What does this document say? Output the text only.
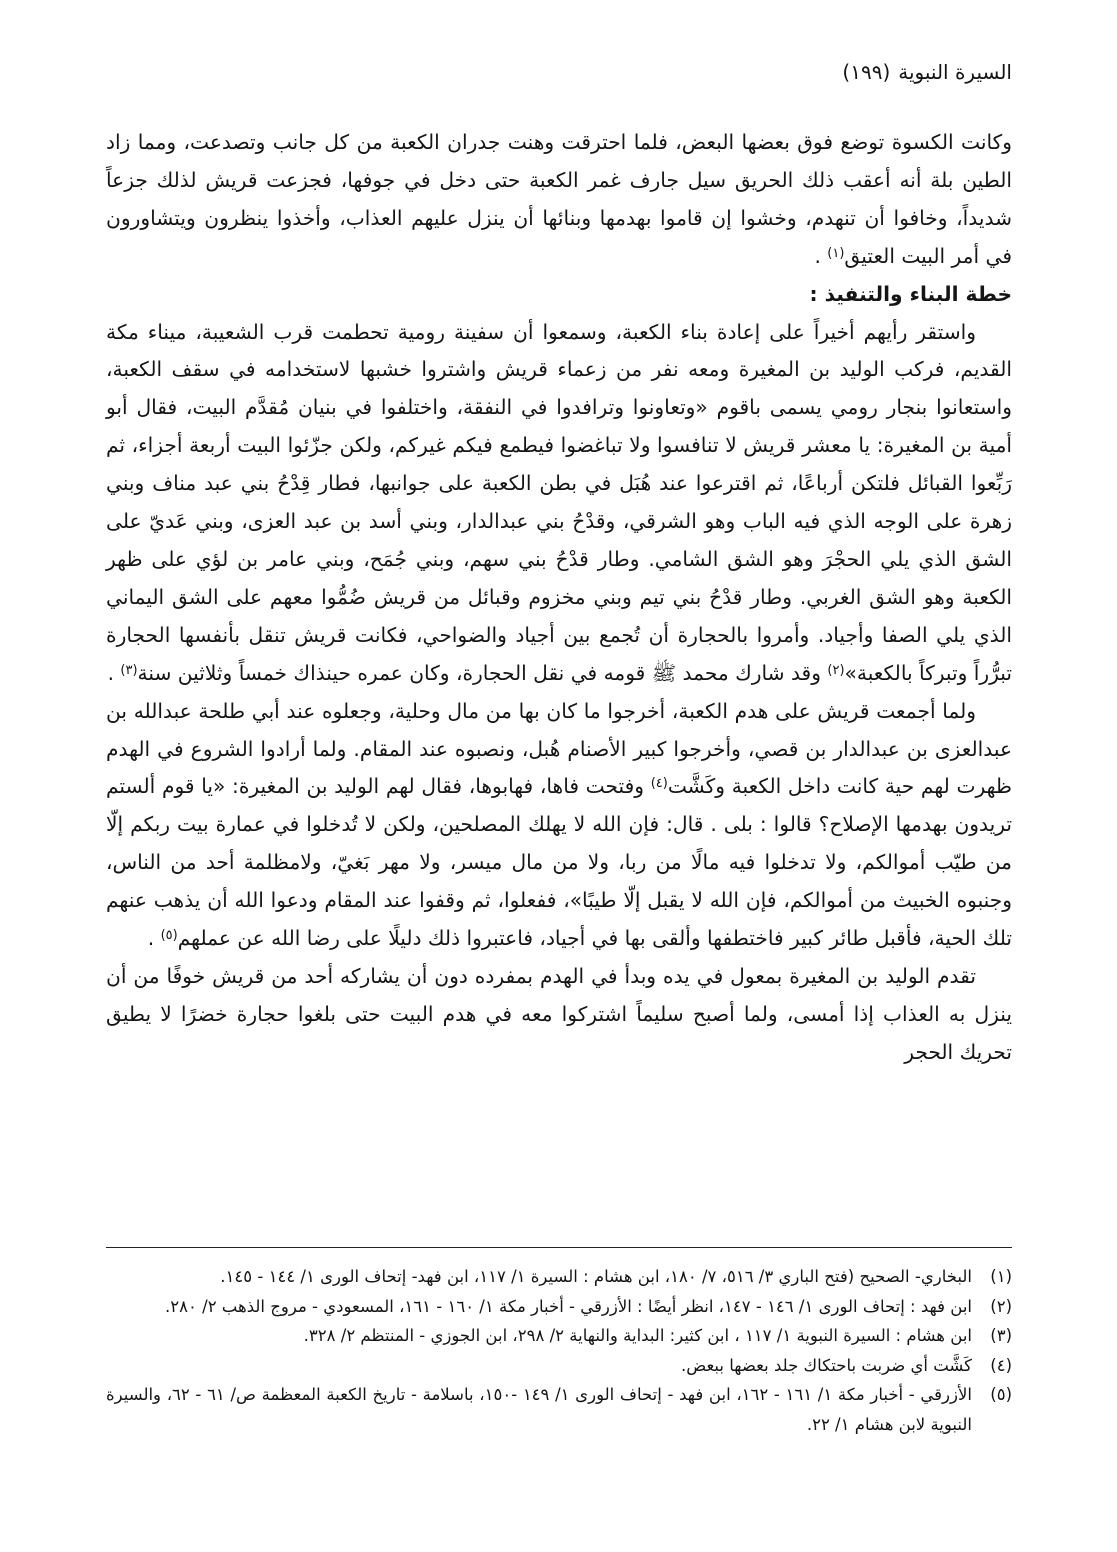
السيرة النبوية(١٩٩)

وكانت الكسوة توضع فوق بعضها البعض، فلما احترقت وهنت جدران الكعبة من كل جانب وتصدعت، ومما زاد الطين بلة أنه أعقب ذلك الحريق سيل جارف غمر الكعبة حتى دخل في جوفها، فجزعت قريش لذلك جزعاً شديداً، وخافوا أن تنهدم، وخشوا إن قاموا بهدمها وبنائها أن ينزل عليهم العذاب، وأخذوا ينظرون ويتشاورون في أمر البيت العتيق$^{(١)}$ .

خطة البناء والتنفيذ :

واستقر رأيهم أخيراً على إعادة بناء الكعبة، وسمعوا أن سفينة رومية تحطمت قرب الشعيبة، ميناء مكة القديم، فركب الوليد بن المغيرة ومعه نفر من زعماء قريش واشتروا خشبها لاستخدامه في سقف الكعبة، واستعانوا بنجار رومي يسمى باقوم «وتعاونوا وترافدوا في النفقة، واختلفوا في بنيان مُقدَّم البيت، فقال أبو أمية بن المغيرة: يا معشر قريش لا تنافسوا ولا تباغضوا فيطمع فيكم غيركم، ولكن جزّئوا البيت أربعة أجزاء، ثم رَبِّعوا القبائل فلتكن أرباعًا، ثم اقترعوا عند هُبَل في بطن الكعبة على جوانبها، فطار قِدْحُ بني عبد مناف وبني زهرة على الوجه الذي فيه الباب وهو الشرقي، وقدْحُ بني عبدالدار، وبني أسد بن عبد العزى، وبني عَديّ على الشق الذي يلي الحجْرَ وهو الشق الشامي. وطار قدْحُ بني سهم، وبني جُمَح، وبني عامر بن لؤي على ظهر الكعبة وهو الشق الغربي. وطار قدْحُ بني تيم وبني مخزوم وقبائل من قريش ضُمُّوا معهم على الشق اليماني الذي يلي الصفا وأجياد. وأمروا بالحجارة أن تُجمع بين أجياد والضواحي، فكانت قريش تنقل بأنفسها الحجارة تبرُّراً وتبركاً بالكعبة»$^{(٢)}$ وقد شارك محمد ﷺ قومه في نقل الحجارة، وكان عمره حينذاك خمساً وثلاثين سنة$^{(٣)}$ .

ولما أجمعت قريش على هدم الكعبة، أخرجوا ما كان بها من مال وحلية، وجعلوه عند أبي طلحة عبدالله بن عبدالعزى بن عبدالدار بن قصي، وأخرجوا كبير الأصنام هُبل، ونصبوه عند المقام. ولما أرادوا الشروع في الهدم ظهرت لهم حية كانت داخل الكعبة وكَشَّت$^{(٤)}$ وفتحت فاها، فهابوها، فقال لهم الوليد بن المغيرة: «يا قوم ألستم تريدون بهدمها الإصلاح؟ قالوا : بلى . قال: فإن الله لا يهلك المصلحين، ولكن لا تُدخلوا في عمارة بيت ربكم إلّا من طيّب أموالكم، ولا تدخلوا فيه مالًا من ربا، ولا من مال ميسر، ولا مهر بَغيّ، ولامظلمة أحد من الناس، وجنبوه الخبيث من أموالكم، فإن الله لا يقبل إلّا طيبًا»، ففعلوا، ثم وقفوا عند المقام ودعوا الله أن يذهب عنهم تلك الحية، فأقبل طائر كبير فاختطفها وألقى بها في أجياد، فاعتبروا ذلك دليلًا على رضا الله عن عملهم$^{(٥)}$ .

تقدم الوليد بن المغيرة بمعول في يده وبدأ في الهدم بمفرده دون أن يشاركه أحد من قريش خوفًا من أن ينزل به العذاب إذا أمسى، ولما أصبح سليماً اشتركوا معه في هدم البيت حتى بلغوا حجارة خضرًا لا يطيق تحريك الحجر

(١)
البخاري- الصحيح (فتح الباري ٣/ ٥١٦، ٧/ ١٨٠، ابن هشام : السيرة ١/ ١١٧، ابن فهد- إتحاف الورى ١/ ١٤٤ - ١٤٥.
(٢)
ابن فهد : إتحاف الورى ١/ ١٤٦ - ١٤٧، انظر أيضًا : الأزرقي - أخبار مكة ١/ ١٦٠ - ١٦١، المسعودي - مروج الذهب ٢/ ٢٨٠.
(٣)
ابن هشام : السيرة النبوية ١/ ١١٧ ، ابن كثير: البداية والنهاية ٢/ ٢٩٨، ابن الجوزي - المنتظم ٢/ ٣٢٨.
(٤)
كَشَّت أي ضربت باحتكاك جلد بعضها ببعض.
(٥)
الأزرقي - أخبار مكة ١/ ١٦١ - ١٦٢، ابن فهد - إتحاف الورى ١/ ١٤٩ -١٥٠، باسلامة - تاريخ الكعبة المعظمة ص/ ٦١ - ٦٢، والسيرة النبوية لابن هشام ١/ ٢٢.
